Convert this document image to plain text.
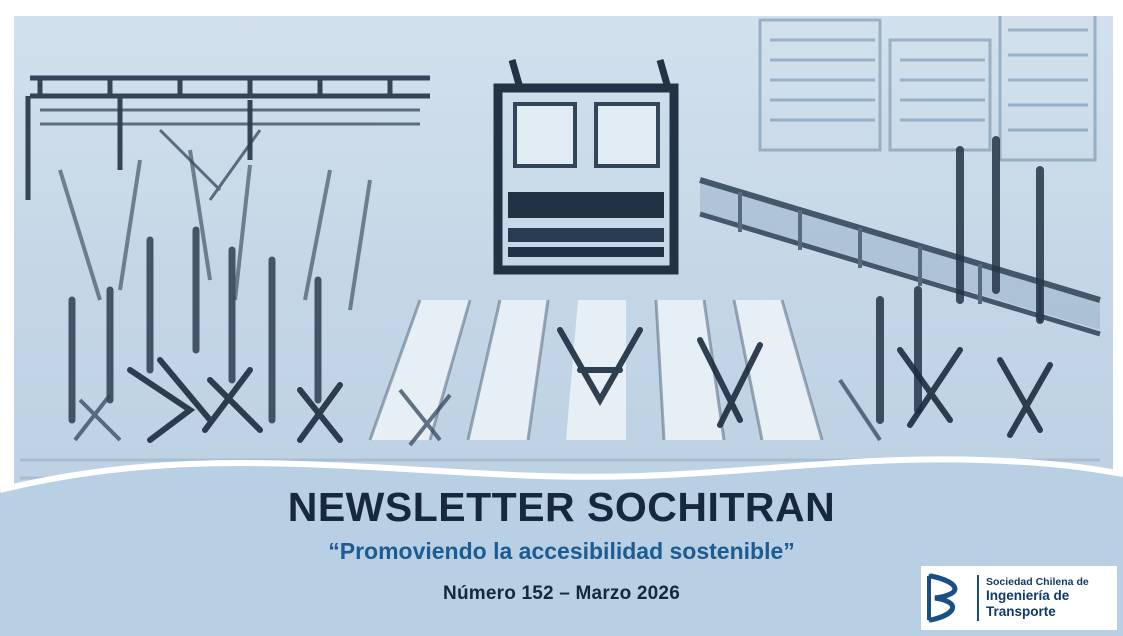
NEWSLETTER SOCHITRAN

“Promoviendo la accesibilidad sostenible”

Número 152 – Marzo 2026

Sociedad Chilena de
Ingeniería de
Transporte
